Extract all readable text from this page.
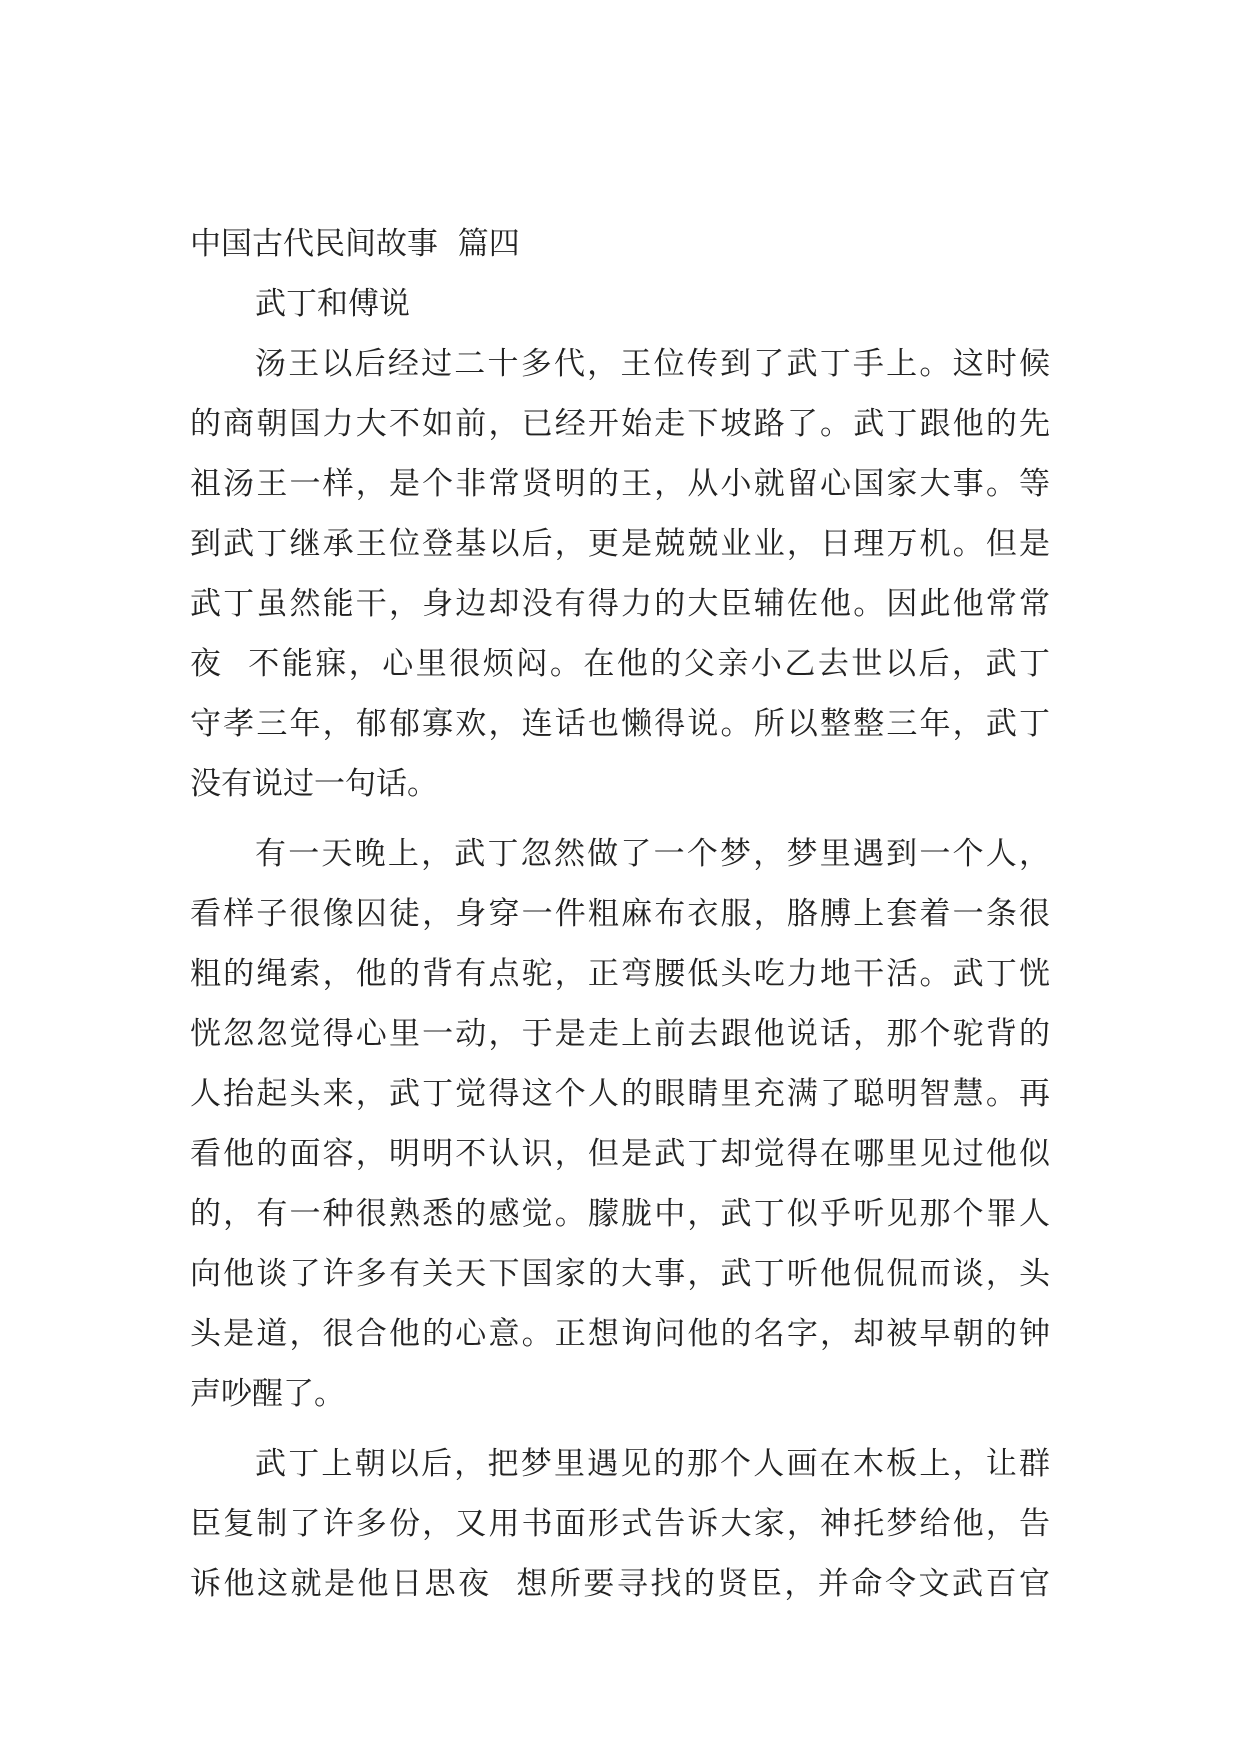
中国古代民间故事  篇四
武丁和傅说
汤王以后经过二十多代，王位传到了武丁手上。这时候
的商朝国力大不如前，已经开始走下坡路了。武丁跟他的先
祖汤王一样，是个非常贤明的王，从小就留心国家大事。等
到武丁继承王位登基以后，更是兢兢业业，日理万机。但是
武丁虽然能干，身边却没有得力的大臣辅佐他。因此他常常
夜  不能寐，心里很烦闷。在他的父亲小乙去世以后，武丁
守孝三年，郁郁寡欢，连话也懒得说。所以整整三年，武丁
没有说过一句话。
有一天晚上，武丁忽然做了一个梦，梦里遇到一个人，
看样子很像囚徒，身穿一件粗麻布衣服，胳膊上套着一条很
粗的绳索，他的背有点驼，正弯腰低头吃力地干活。武丁恍
恍忽忽觉得心里一动，于是走上前去跟他说话，那个驼背的
人抬起头来，武丁觉得这个人的眼睛里充满了聪明智慧。再
看他的面容，明明不认识，但是武丁却觉得在哪里见过他似
的，有一种很熟悉的感觉。朦胧中，武丁似乎听见那个罪人
向他谈了许多有关天下国家的大事，武丁听他侃侃而谈，头
头是道，很合他的心意。正想询问他的名字，却被早朝的钟
声吵醒了。
武丁上朝以后，把梦里遇见的那个人画在木板上，让群
臣复制了许多份，又用书面形式告诉大家，神托梦给他，告
诉他这就是他日思夜  想所要寻找的贤臣，并命令文武百官
